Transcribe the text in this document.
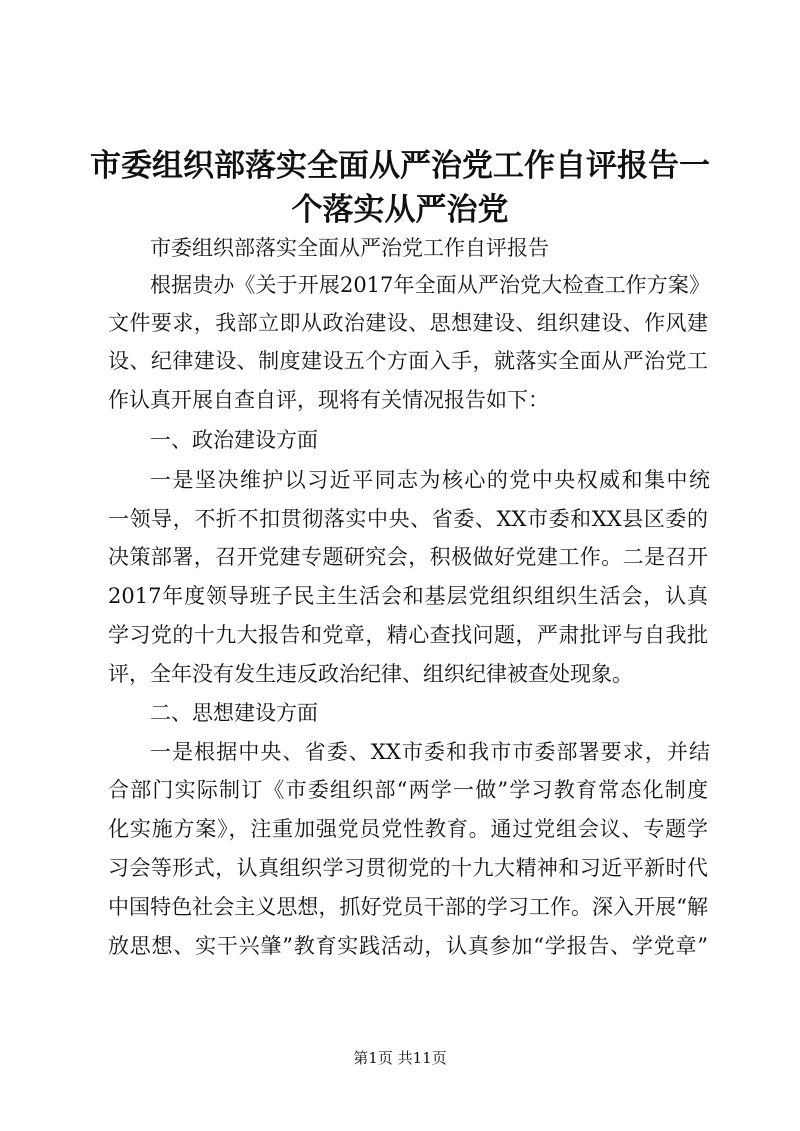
市委组织部落实全面从严治党工作自评报告一
个落实从严治党
市委组织部落实全面从严治党工作自评报告
根据贵办《关于开展2017年全面从严治党大检查工作方案》
文件要求，我部立即从政治建设、思想建设、组织建设、作风建
设、纪律建设、制度建设五个方面入手，就落实全面从严治党工
作认真开展自查自评，现将有关情况报告如下：
一、政治建设方面
一是坚决维护以习近平同志为核心的党中央权威和集中统
一领导，不折不扣贯彻落实中央、省委、XX市委和XX县区委的
决策部署，召开党建专题研究会，积极做好党建工作。二是召开
2017年度领导班子民主生活会和基层党组织组织生活会，认真
学习党的十九大报告和党章，精心查找问题，严肃批评与自我批
评，全年没有发生违反政治纪律、组织纪律被查处现象。
二、思想建设方面
一是根据中央、省委、XX市委和我市市委部署要求，并结
合部门实际制订《市委组织部“两学一做”学习教育常态化制度
化实施方案》，注重加强党员党性教育。通过党组会议、专题学
习会等形式，认真组织学习贯彻党的十九大精神和习近平新时代
中国特色社会主义思想，抓好党员干部的学习工作。深入开展“解
放思想、实干兴肇”教育实践活动，认真参加“学报告、学党章”
第1页 共11页
